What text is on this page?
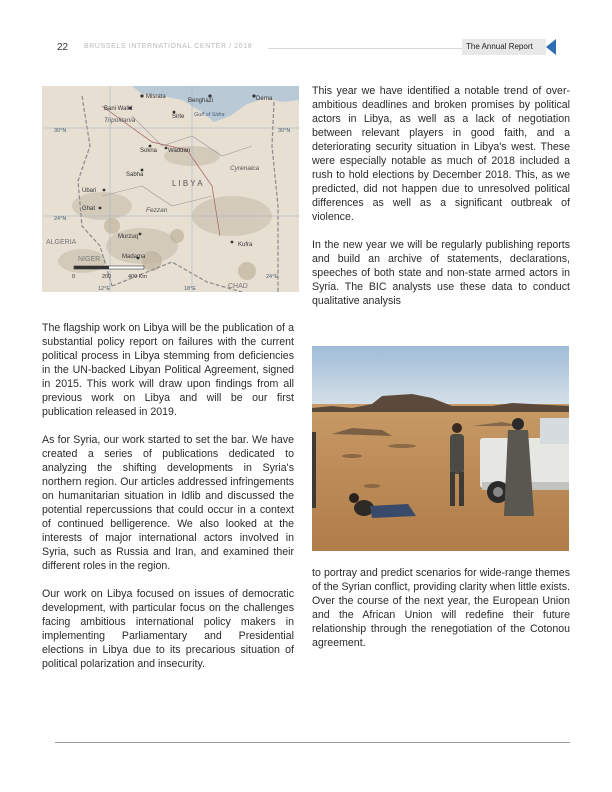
22 BRUSSELS INTERNATIONAL CENTER / 2018	The Annual Report
Misrata
Benghazi	Derna
Bani Walid
Tripolitania	Sirte Gulf of Sidra
Sokna Waddan
Sabha
L I B Y A
Cyrenaica
Ubari
Ghat	Fezzan
ALGERIA
Murzuq
Kufra
NIGER	Madama
CHAD
30°N	30°N
24°N
24°E
12°E	18°E
0	200	400 Km

The flagship work on Libya will be the publication of a substantial policy report on failures with the current political process in Libya stemming from deficiencies in the UN-backed Libyan Political Agreement, signed in 2015. This work will draw upon findings from all previous work on Libya and will be our first publication released in 2019.

As for Syria, our work started to set the bar. We have created a series of publications dedicated to analyzing the shifting developments in Syria's northern region. Our articles addressed infringements on humanitarian situation in Idlib and discussed the potential repercussions that could occur in a context of continued belligerence. We also looked at the interests of major international actors involved in Syria, such as Russia and Iran, and examined their different roles in the region.

Our work on Libya focused on issues of democratic development, with particular focus on the challenges facing ambitious international policy makers in implementing Parliamentary and Presidential elections in Libya due to its precarious situation of political polarization and insecurity.

This year we have identified a notable trend of over-ambitious deadlines and broken promises by political actors in Libya, as well as a lack of negotiation between relevant players in good faith, and a deteriorating security situation in Libya's west. These were especially notable as much of 2018 included a rush to hold elections by December 2018. This, as we predicted, did not happen due to unresolved political differences as well as a significant outbreak of violence.

In the new year we will be regularly publishing reports and build an archive of statements, declarations, speeches of both state and non-state armed actors in Syria. The BIC analysts use these data to conduct qualitative analysis

to portray and predict scenarios for wide-range themes of the Syrian conflict, providing clarity when little exists. Over the course of the next year, the European Union and the African Union will redefine their future relationship through the renegotiation of the Cotonou agreement.
